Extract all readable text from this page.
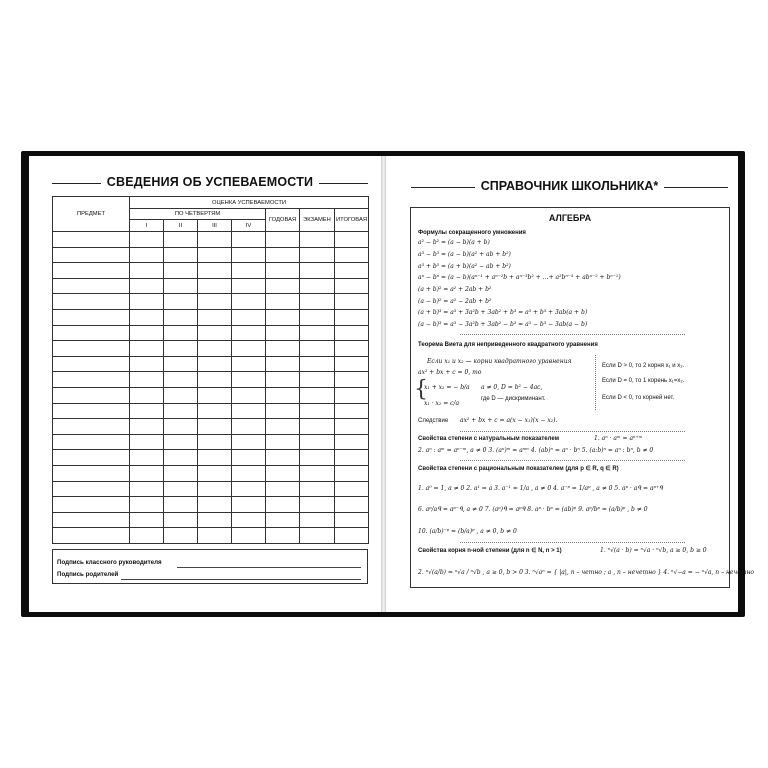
СВЕДЕНИЯ ОБ УСПЕВАЕМОСТИ
ПРЕДМЕТ	ОЦЕНКА УСПЕВАЕМОСТИ						
	ПО ЧЕТВЕРТЯМ				ГОДОВАЯ	ЭКЗАМЕН	ИТОГОВАЯ
	I	II	III	IV			

Подпись классного руководителя
Подпись родителей
СПРАВОЧНИК ШКОЛЬНИКА*
АЛГЕБРА
Формулы сокращенного умножения
a² − b² = (a − b)(a + b)
a³ − b³ = (a − b)(a² + ab + b²)
a³ + b³ = (a + b)(a² − ab + b²)
aⁿ − bⁿ = (a − b)(aⁿ⁻¹ + aⁿ⁻²b + aⁿ⁻³b² + …+ a²bⁿ⁻³ + abⁿ⁻² + bⁿ⁻¹)
(a + b)² = a² + 2ab + b²
(a − b)² = a² − 2ab + b²
(a + b)³ = a³ + 3a²b + 3ab² + b³ = a³ + b³ + 3ab(a + b)
(a − b)³ = a³ − 3a²b + 3ab² − b³ = a³ − b³ − 3ab(a − b)
Теорема Виета для неприведенного квадратного уравнения
Если x₁ и x₂ — корни квадратного уравнения
ax² + bx + c = 0, то
{
x₁ + x₂ = − b/a a ≠ 0, D = b² − 4ac,
x₁ · x₂ = c/a
где D — дискриминант.
Следствие ax² + bx + c = a(x − x₁)(x − x₂).
Если D > 0, то 2 корня x₁ и x₂.
Если D = 0, то 1 корень x₁=x₂.
Если D < 0, то корней нет.
Свойства степени с натуральным показателем	1. aⁿ · aᵐ = aⁿ⁺ᵐ
2. aⁿ : aᵐ = aⁿ⁻ᵐ, a ≠ 0 3. (aⁿ)ᵐ = aⁿᵐ 4. (ab)ⁿ = aⁿ · bⁿ 5. (a:b)ⁿ = aⁿ : bⁿ, b ≠ 0
Свойства степени с рациональным показателем (для p ∈ R, q ∈ R)
1. a⁰ = 1, a ≠ 0 2. a¹ = a 3. a⁻¹ = 1/a , a ≠ 0 4. a⁻ᵖ = 1/aᵖ , a ≠ 0 5. aᵖ · aᑫ = aᵖ⁺ᑫ
6. aᵖ/aᑫ = aᵖ⁻ᑫ, a ≠ 0 7. (aᵖ)ᑫ = aᵖᑫ 8. aᵖ · bᵖ = (ab)ᵖ 9. aᵖ/bᵖ = (a/b)ᵖ , b ≠ 0
10. (a/b)⁻ᵖ = (b/a)ᵖ , a ≠ 0, b ≠ 0
Свойства корня n-ной степени (для n ∈ N, n > 1)	1. ⁿ√(a · b) = ⁿ√a · ⁿ√b, a ≥ 0, b ≥ 0
2. ⁿ√(a/b) = ⁿ√a / ⁿ√b , a ≥ 0, b > 0 3. ⁿ√aⁿ = { |a|, n – четно ; a , n – нечетно } 4. ⁿ√−a = − ⁿ√a, n – нечетно
